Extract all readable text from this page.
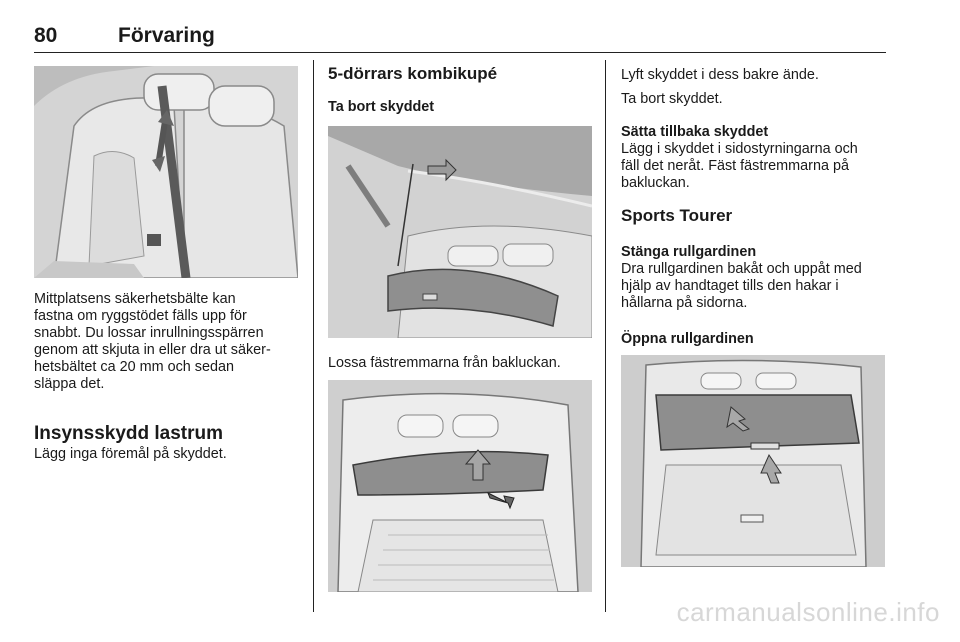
80	Förvaring
Mittplatsens säkerhetsbälte kan
fastna om ryggstödet fälls upp för
snabbt. Du lossar inrullningsspärren
genom att skjuta in eller dra ut säker‐
hetsbältet ca 20 mm och sedan
släppa det.
Insynsskydd lastrum
Lägg inga föremål på skyddet.
5-dörrars kombikupé
Ta bort skyddet
Lossa fästremmarna från bakluckan.
Lyft skyddet i dess bakre ände.
Ta bort skyddet.
Sätta tillbaka skyddet
Lägg i skyddet i sidostyrningarna och
fäll det neråt. Fäst fästremmarna på
bakluckan.
Sports Tourer
Stänga rullgardinen
Dra rullgardinen bakåt och uppåt med
hjälp av handtaget tills den hakar i
hållarna på sidorna.
Öppna rullgardinen
carmanualsonline.info
